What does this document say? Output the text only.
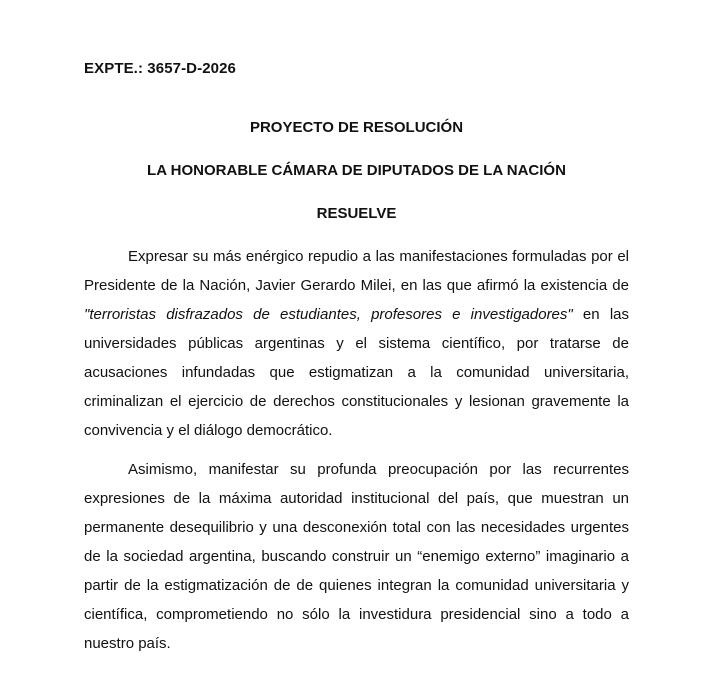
EXPTE.: 3657-D-2026
PROYECTO DE RESOLUCIÓN
LA HONORABLE CÁMARA DE DIPUTADOS DE LA NACIÓN
RESUELVE

Expresar su más enérgico repudio a las manifestaciones formuladas por el Presidente de la Nación, Javier Gerardo Milei, en las que afirmó la existencia de "terroristas disfrazados de estudiantes, profesores e investigadores" en las universidades públicas argentinas y el sistema científico, por tratarse de acusaciones infundadas que estigmatizan a la comunidad universitaria, criminalizan el ejercicio de derechos constitucionales y lesionan gravemente la convivencia y el diálogo democrático.

Asimismo, manifestar su profunda preocupación por las recurrentes expresiones de la máxima autoridad institucional del país, que muestran un permanente desequilibrio y una desconexión total con las necesidades urgentes de la sociedad argentina, buscando construir un “enemigo externo” imaginario a partir de la estigmatización de de quienes integran la comunidad universitaria y científica, comprometiendo no sólo la investidura presidencial sino a todo a nuestro país.
